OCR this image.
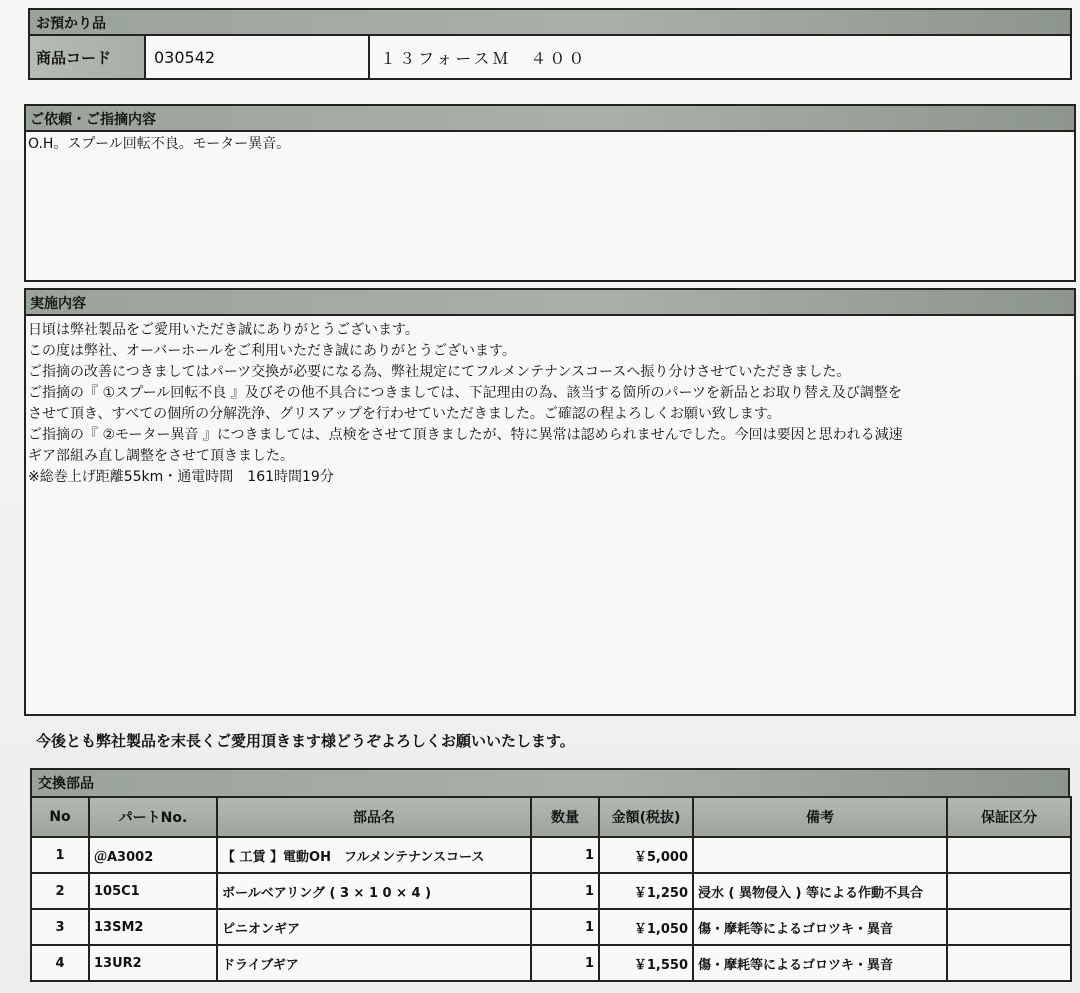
お預かり品
商品コード	030542	１３フォースＭ　４００
ご依頼・ご指摘内容
O.H。スプール回転不良。モーター異音。
実施内容
日頃は弊社製品をご愛用いただき誠にありがとうございます。
この度は弊社、オーバーホールをご利用いただき誠にありがとうございます。
ご指摘の改善につきましてはパーツ交換が必要になる為、弊社規定にてフルメンテナンスコースへ振り分けさせていただきました。
ご指摘の『 ①スプール回転不良 』及びその他不具合につきましては、下記理由の為、該当する箇所のパーツを新品とお取り替え及び調整を
させて頂き、すべての個所の分解洗浄、グリスアップを行わせていただきました。ご確認の程よろしくお願い致します。
ご指摘の『 ②モーター異音 』につきましては、点検をさせて頂きましたが、特に異常は認められませんでした。今回は要因と思われる減速
ギア部組み直し調整をさせて頂きました。
※総巻上げ距離55km・通電時間　161時間19分
今後とも弊社製品を末長くご愛用頂きます様どうぞよろしくお願いいたします。
交換部品
No	パートNo.	部品名	数量	金額(税抜)	備考	保証区分
1	＠A3002	【 工賃 】電動OH　フルメンテナンスコース	1	￥5,000		
2	105C1	ボールベアリング ( 3 × 1 0 × 4 )	1	￥1,250	浸水 ( 異物侵入 ) 等による作動不具合	
3	13SM2	ピニオンギア	1	￥1,050	傷・摩耗等によるゴロツキ・異音	
4	13UR2	ドライブギア	1	￥1,550	傷・摩耗等によるゴロツキ・異音	
